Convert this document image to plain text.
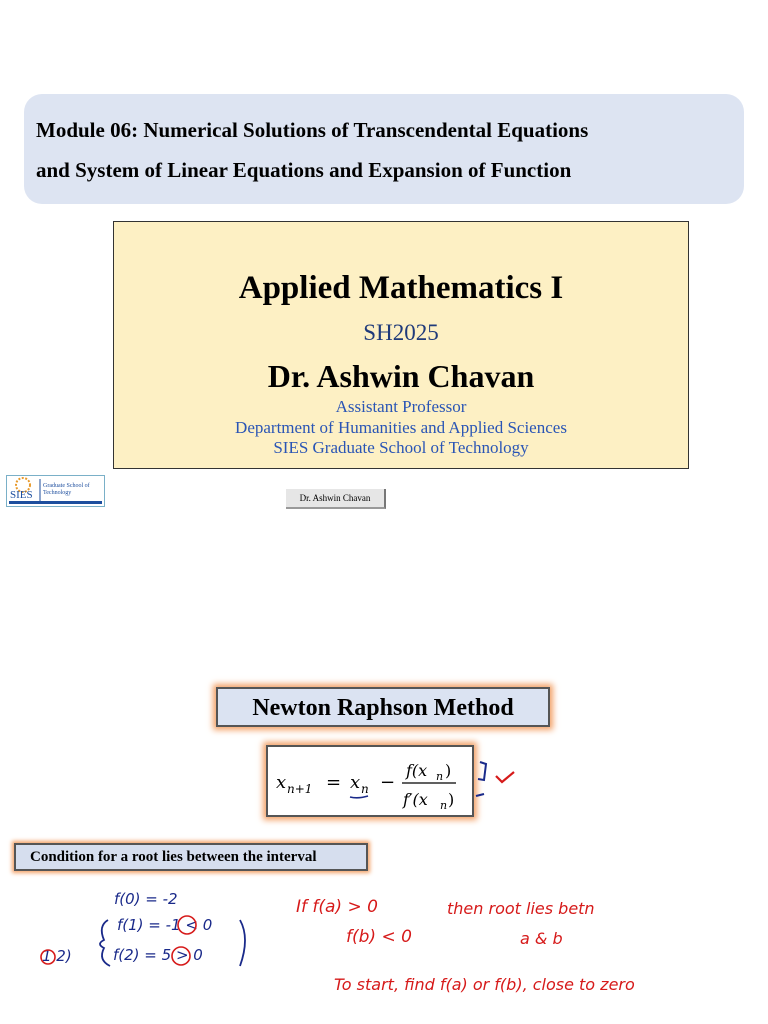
Module 06: Numerical Solutions of Transcendental Equations
and System of Linear Equations and Expansion of Function
Applied Mathematics I
SH2025
Dr. Ashwin Chavan
Assistant Professor
Department of Humanities and Applied Sciences
SIES Graduate School of Technology
SIES
Graduate School of
Technology	Dr. Ashwin Chavan
Newton Raphson Method
x n+1 = x n −
f(x n )
f′(x n )
Condition for a root lies between the interval
f(0) = -2
f(1) = -1 < 0
f(2) = 5 > 0
1 2)
If f(a) > 0	then root lies betn
f(b) < 0	a & b
To start, find f(a) or f(b), close to zero
